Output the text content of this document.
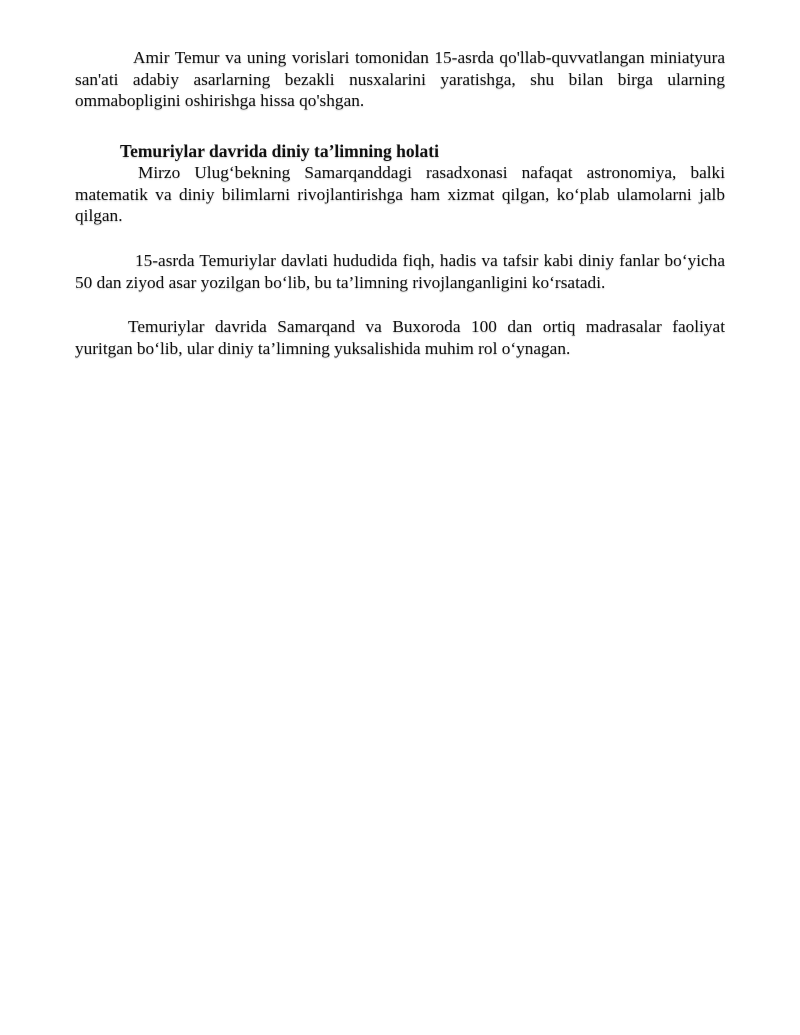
Amir Temur va uning vorislari tomonidan 15-asrda qo'llab-quvvatlangan miniatyura san'ati adabiy asarlarning bezakli nusxalarini yaratishga, shu bilan birga ularning ommabopligini oshirishga hissa qo'shgan.
Temuriylar davrida diniy ta’limning holati
Mirzo Ulug‘bekning Samarqanddagi rasadxonasi nafaqat astronomiya, balki matematik va diniy bilimlarni rivojlantirishga ham xizmat qilgan, ko‘plab ulamolarni jalb qilgan.
15-asrda Temuriylar davlati hududida fiqh, hadis va tafsir kabi diniy fanlar bo‘yicha 50 dan ziyod asar yozilgan bo‘lib, bu ta’limning rivojlanganligini ko‘rsatadi.
Temuriylar davrida Samarqand va Buxoroda 100 dan ortiq madrasalar faoliyat yuritgan bo‘lib, ular diniy ta’limning yuksalishida muhim rol o‘ynagan.
